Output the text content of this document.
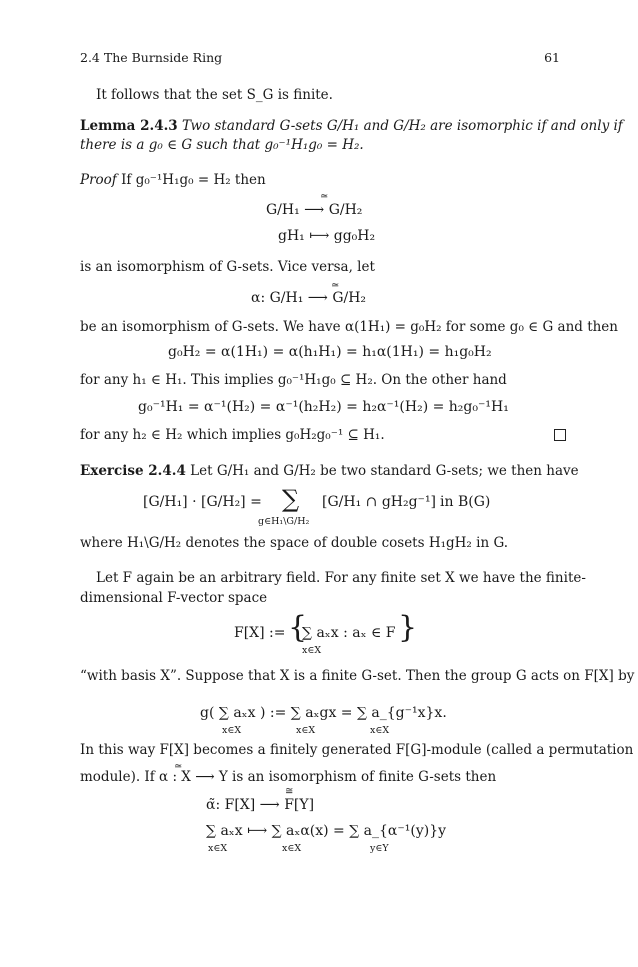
2.4 The Burnside Ring	61
It follows that the set S_G is finite.
Lemma 2.4.3 Two standard G-sets G/H₁ and G/H₂ are isomorphic if and only if
there is a g₀ ∈ G such that g₀⁻¹H₁g₀ = H₂.
Proof If g₀⁻¹H₁g₀ = H₂ then
≃
G/H₁ ⟶ G/H₂
gH₁ ⟼ gg₀H₂
is an isomorphism of G-sets. Vice versa, let
≃
α: G/H₁ ⟶ G/H₂
be an isomorphism of G-sets. We have α(1H₁) = g₀H₂ for some g₀ ∈ G and then
g₀H₂ = α(1H₁) = α(h₁H₁) = h₁α(1H₁) = h₁g₀H₂
for any h₁ ∈ H₁. This implies g₀⁻¹H₁g₀ ⊆ H₂. On the other hand
g₀⁻¹H₁ = α⁻¹(H₂) = α⁻¹(h₂H₂) = h₂α⁻¹(H₂) = h₂g₀⁻¹H₁
for any h₂ ∈ H₂ which implies g₀H₂g₀⁻¹ ⊆ H₁.
Exercise 2.4.4 Let G/H₁ and G/H₂ be two standard G-sets; we then have
[G/H₁] · [G/H₂] = ∑
g∈H₁\G/H₂
[G/H₁ ∩ gH₂g⁻¹] in B(G)
where H₁\G/H₂ denotes the space of double cosets H₁gH₂ in G.
Let F again be an arbitrary field. For any finite set X we have the finite-
dimensional F-vector space
F[X] := {
∑ aₓx : aₓ ∈ F }
x∈X
“with basis X”. Suppose that X is a finite G-set. Then the group G acts on F[X] by
g( ∑ aₓx ) := ∑ aₓgx = ∑ a_{g⁻¹x}x.
x∈X	x∈X	x∈X
In this way F[X] becomes a finitely generated F[G]-module (called a permutation
≃
module). If α : X ⟶ Y is an isomorphism of finite G-sets then
≅
α̃: F[X] ⟶ F[Y]
∑ aₓx ⟼ ∑ aₓα(x) = ∑ a_{α⁻¹(y)}y
x∈X	x∈X	y∈Y
